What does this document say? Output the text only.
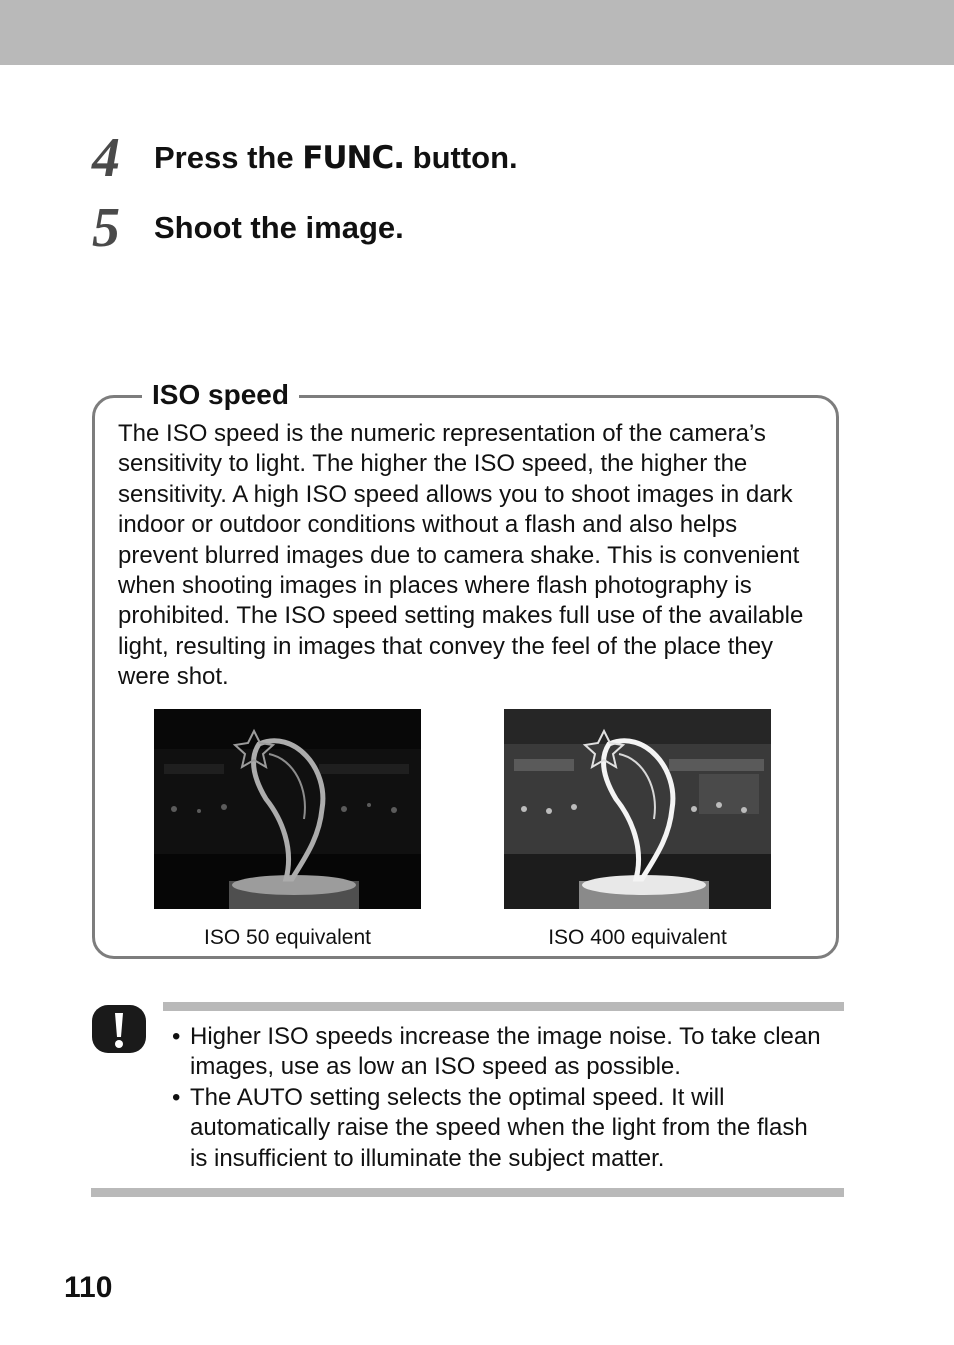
4	Press the FUNC. button.
5	Shoot the image.
ISO speed

The ISO speed is the numeric representation of the camera’s sensitivity to light. The higher the ISO speed, the higher the sensitivity. A high ISO speed allows you to shoot images in dark indoor or outdoor conditions without a flash and also helps prevent blurred images due to camera shake. This is convenient when shooting images in places where flash photography is prohibited. The ISO speed setting makes full use of the available light, resulting in images that convey the feel of the place they were shot.

ISO 50 equivalent	ISO 400 equivalent
• Higher ISO speeds increase the image noise. To take clean images, use as low an ISO speed as possible.
• The AUTO setting selects the optimal speed. It will automatically raise the speed when the light from the flash is insufficient to illuminate the subject matter.
110
